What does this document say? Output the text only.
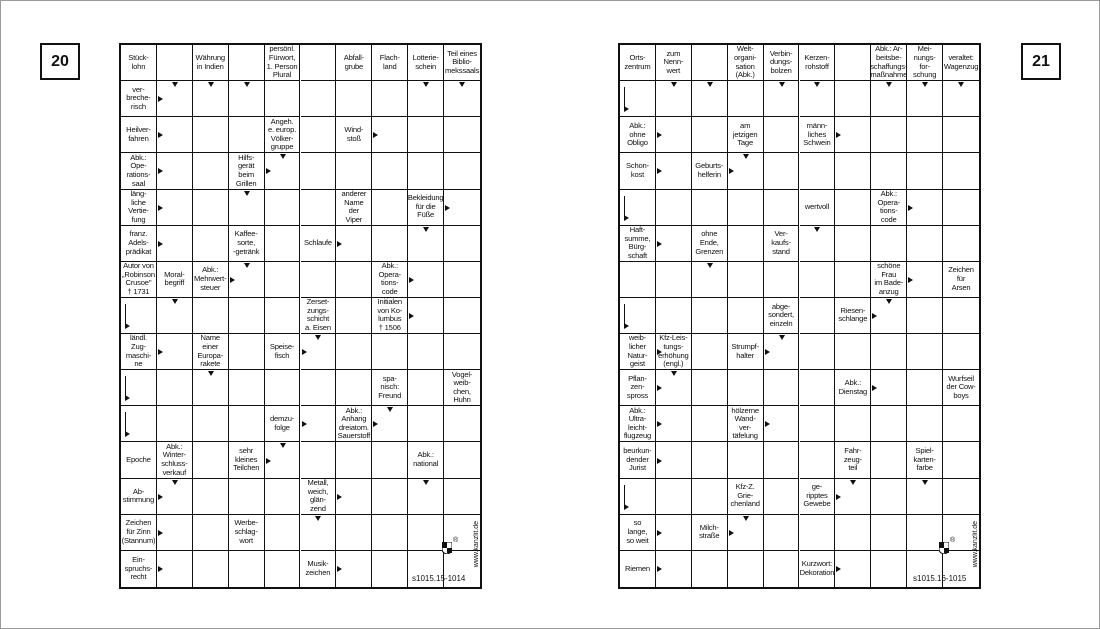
20	21
Stück-
lohn
Währung
in Indien
persönl.
Fürwort,
1. Person
Plural
Abfall-
grube
Flach-
land
Lotterie-
schein
Teil eines
Biblio-
mekssaals
ver-
breche-
risch
Heilver-
fahren
Angeh.
e. europ.
Völker-
gruppe
Wind-
stoß
Abk.:
Ope-
rations-
saal
Hilfs-
gerät
beim
Grillen
läng-
liche
Vertie-
fung
anderer
Name
der
Viper
Bekleidung
für die
Füße
franz.
Adels-
prädikat
Kaffee-
sorte,
-getränk
Schlaufe
Autor von
„Robinson
Crusoe"
† 1731
Moral-
begriff
Abk.:
Mehrwert-
steuer
Abk.:
Opera-
tions-
code
Zerset-
zungs-
schicht
a. Eisen
Initialen
von Ko-
lumbus
† 1506
ländl.
Zug-
maschi-
ne
Name
einer
Europa-
rakete
Speise-
fisch
spa-
nisch:
Freund
Vogel-
weib-
chen,
Huhn
demzu-
folge
Abk.:
Anhang
dreiatom.
Sauerstoff
Epoche
Abk.:
Winter-
schluss-
verkauf
sehr
kleines
Teilchen
Abk.:
national
Ab-
stimmung
Metall,
weich,
glän-
zend
Zeichen
für Zinn
(Stannum)
Werbe-
schlag-
wort
Ein-
spruchs-
recht
Musik-
zeichen
Orts-
zentrum
zum
Nenn-
wert
Welt-
organi-
sation
(Abk.)
Verbin-
dungs-
bolzen
Kerzen-
rohstoff
Abk.: Ar-
beitsbe-
schaffungs-
maßnahme
Mei-
nungs-
for-
schung
veraltet:
Wagenzug
Abk.:
ohne
Obligo
am
jetzigen
Tage
männ-
liches
Schwein
Schon-
kost
Geburts-
helferin
wertvoll
Abk.:
Opera-
tions-
code
Haft-
summe,
Bürg-
schaft
ohne
Ende,
Grenzen
Ver-
kaufs-
stand
schöne
Frau
im Bade-
anzug
Zeichen
für
Arsen
abge-
sondert,
einzeln
Riesen-
schlange
weib-
licher
Natur-
geist
Kfz-Leis-
tungs-
erhöhung
(engl.)
Strumpf-
halter
Pflan-
zen-
spross
Abk.:
Dienstag
Wurfseil
der Cow-
boys
Abk.:
Ultra-
leicht-
flugzeug
hölzerne
Wand-
ver-
täfelung
beurkun-
dender
Jurist
Fahr-
zeug-
teil
Spiel-
karten-
farbe
Kfz-Z.
Grie-
chenland
ge-
ripptes
Gewebe
so
lange,
so weit
Milch-
straße
Riemen	Kurzwort:
Dekoration
s1015.15-1014
www.kanzlit.de
s1015.16-1015
www.kanzlit.de
®	®
